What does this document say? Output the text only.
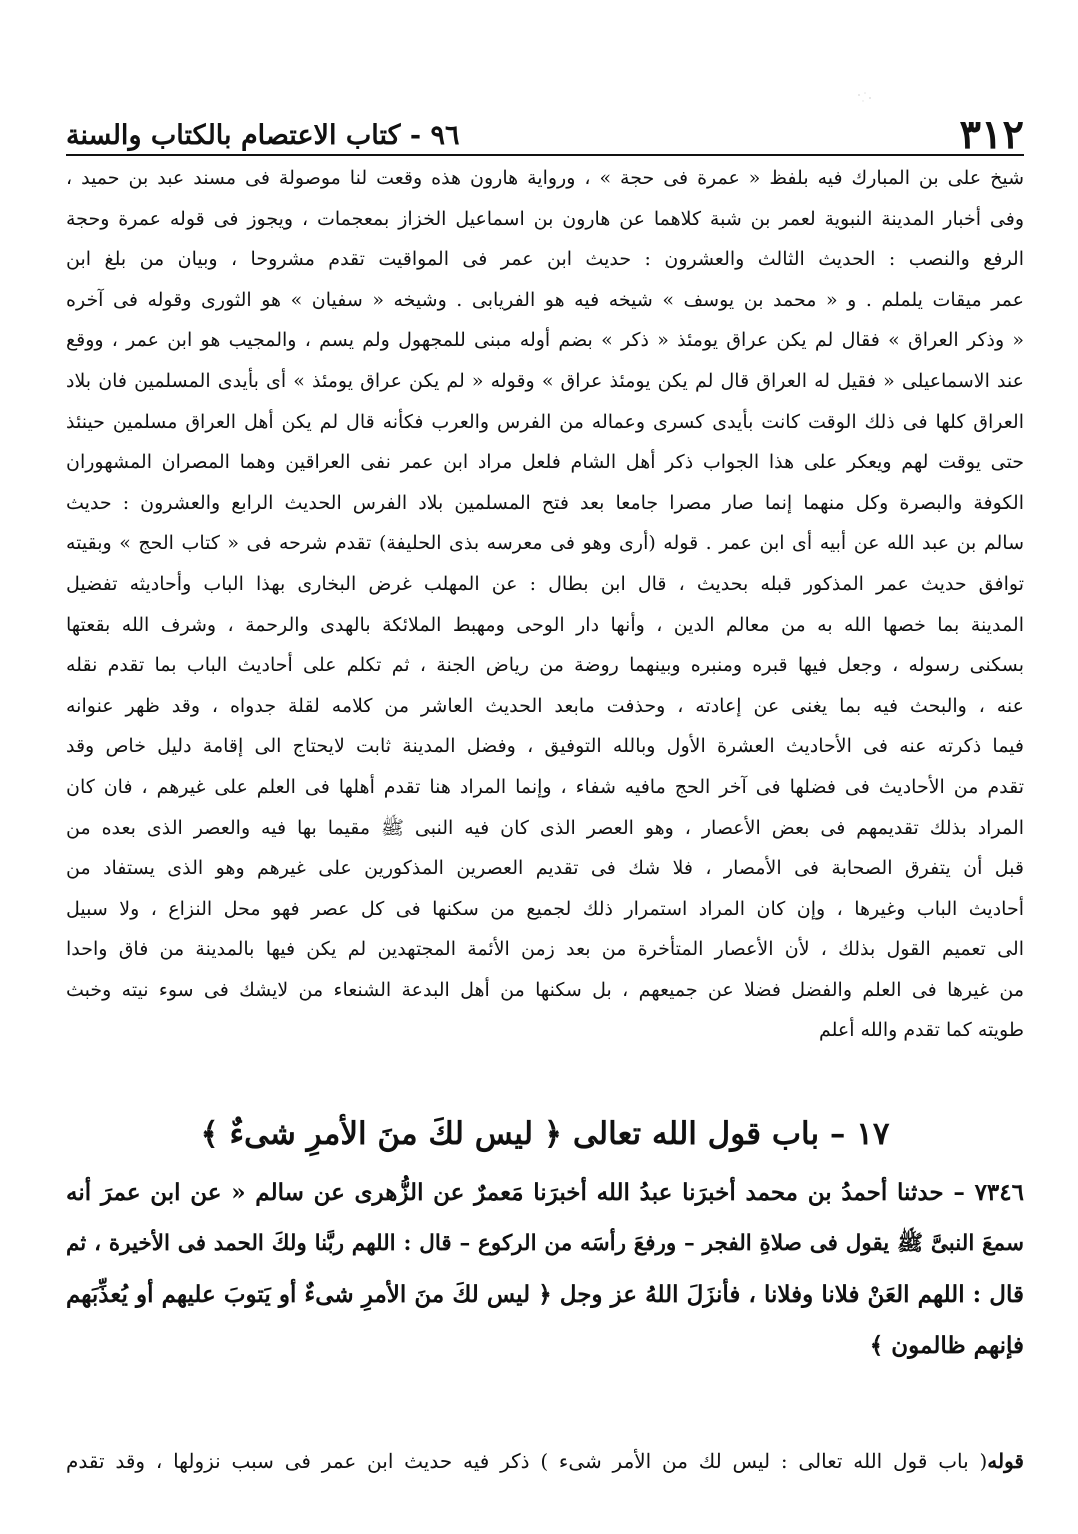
٣١٢
٩٦ - كتاب الاعتصام بالكتاب والسنة
شيخ على بن المبارك فيه بلفظ « عمرة فى حجة » ، ورواية هارون هذه وقعت لنا موصولة فى مسند عبد بن حميد ،
وفى أخبار المدينة النبوية لعمر بن شبة كلاهما عن هارون بن اسماعيل الخزاز بمعجمات ، ويجوز فى قوله عمرة وحجة
الرفع والنصب : الحديث الثالث والعشرون : حديث ابن عمر فى المواقيت تقدم مشروحا ، وبيان من بلغ ابن
عمر ميقات يلملم . و « محمد بن يوسف » شيخه فيه هو الفريابى . وشيخه « سفيان » هو الثورى وقوله فى آخره
« وذكر العراق » فقال لم يكن عراق يومئذ « ذكر » بضم أوله مبنى للمجهول ولم يسم ، والمجيب هو ابن عمر ، ووقع
عند الاسماعيلى « فقيل له العراق قال لم يكن يومئذ عراق » وقوله « لم يكن عراق يومئذ » أى بأيدى المسلمين فان بلاد
العراق كلها فى ذلك الوقت كانت بأيدى كسرى وعماله من الفرس والعرب فكأنه قال لم يكن أهل العراق مسلمين حينئذ
حتى يوقت لهم ويعكر على هذا الجواب ذكر أهل الشام فلعل مراد ابن عمر نفى العراقين وهما المصران المشهوران
الكوفة والبصرة وكل منهما إنما صار مصرا جامعا بعد فتح المسلمين بلاد الفرس الحديث الرابع والعشرون : حديث
سالم بن عبد الله عن أبيه أى ابن عمر . قوله (أرى وهو فى معرسه بذى الحليفة) تقدم شرحه فى « كتاب الحج » وبقيته
توافق حديث عمر المذكور قبله بحديث ، قال ابن بطال : عن المهلب غرض البخارى بهذا الباب وأحاديثه تفضيل
المدينة بما خصها الله به من معالم الدين ، وأنها دار الوحى ومهبط الملائكة بالهدى والرحمة ، وشرف الله بقعتها
بسكنى رسوله ، وجعل فيها قبره ومنبره وبينهما روضة من رياض الجنة ، ثم تكلم على أحاديث الباب بما تقدم نقله
عنه ، والبحث فيه بما يغنى عن إعادته ، وحذفت مابعد الحديث العاشر من كلامه لقلة جدواه ، وقد ظهر عنوانه
فيما ذكرته عنه فى الأحاديث العشرة الأول وبالله التوفيق ، وفضل المدينة ثابت لايحتاج الى إقامة دليل خاص وقد
تقدم من الأحاديث فى فضلها فى آخر الحج مافيه شفاء ، وإنما المراد هنا تقدم أهلها فى العلم على غيرهم ، فان كان
المراد بذلك تقديمهم فى بعض الأعصار ، وهو العصر الذى كان فيه النبى ﷺ مقيما بها فيه والعصر الذى بعده من
قبل أن يتفرق الصحابة فى الأمصار ، فلا شك فى تقديم العصرين المذكورين على غيرهم وهو الذى يستفاد من
أحاديث الباب وغيرها ، وإن كان المراد استمرار ذلك لجميع من سكنها فى كل عصر فهو محل النزاع ، ولا سبيل
الى تعميم القول بذلك ، لأن الأعصار المتأخرة من بعد زمن الأئمة المجتهدين لم يكن فيها بالمدينة من فاق واحدا
من غيرها فى العلم والفضل فضلا عن جميعهم ، بل سكنها من أهل البدعة الشنعاء من لايشك فى سوء نيته وخبث
طويته كما تقدم والله أعلم
١٧ – باب قول الله تعالى ﴿ ليس لكَ منَ الأمرِ شىءٌ ﴾
٧٣٤٦ – حدثنا أحمدُ بن محمد أخبرَنا عبدُ الله أخبرَنا مَعمرٌ عن الزُّهرى عن سالم « عن ابن عمرَ أنه
سمعَ النبىَّ ﷺ يقول فى صلاةِ الفجر – ورفعَ رأسَه من الركوع – قال : اللهم ربَّنا ولكَ الحمد فى الأخيرة ، ثم
قال : اللهم العَنْ فلانا وفلانا ، فأنزَلَ اللهُ عز وجل ﴿ ليس لكَ منَ الأمرِ شىءٌ أو يَتوبَ عليهم أو يُعذِّبَهم
فإنهم ظالمون ﴾
قوله( باب قول الله تعالى : ليس لك من الأمر شىء ) ذكر فيه حديث ابن عمر فى سبب نزولها ، وقد تقدم
